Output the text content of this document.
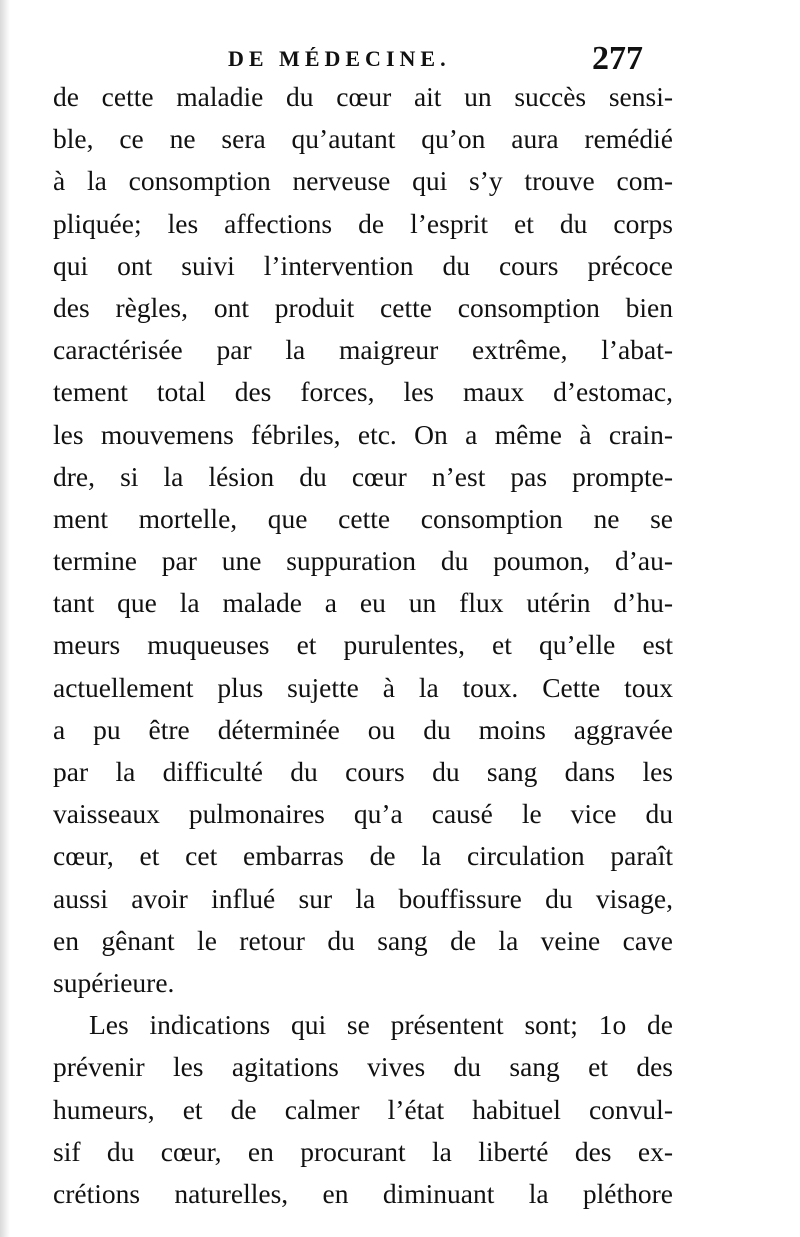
DE MÉDECINE.	277
de cette maladie du cœur ait un succès sensi-
ble, ce ne sera qu’autant qu’on aura remédié
à la consomption nerveuse qui s’y trouve com-
pliquée; les affections de l’esprit et du corps
qui ont suivi l’intervention du cours précoce
des règles, ont produit cette consomption bien
caractérisée par la maigreur extrême, l’abat-
tement total des forces, les maux d’estomac,
les mouvemens fébriles, etc. On a même à crain-
dre, si la lésion du cœur n’est pas prompte-
ment mortelle, que cette consomption ne se
termine par une suppuration du poumon, d’au-
tant que la malade a eu un flux utérin d’hu-
meurs muqueuses et purulentes, et qu’elle est
actuellement plus sujette à la toux. Cette toux
a pu être déterminée ou du moins aggravée
par la difficulté du cours du sang dans les
vaisseaux pulmonaires qu’a causé le vice du
cœur, et cet embarras de la circulation paraît
aussi avoir influé sur la bouffissure du visage,
en gênant le retour du sang de la veine cave
supérieure.
Les indications qui se présentent sont; 1o de
prévenir les agitations vives du sang et des
humeurs, et de calmer l’état habituel convul-
sif du cœur, en procurant la liberté des ex-
crétions naturelles, en diminuant la pléthore
